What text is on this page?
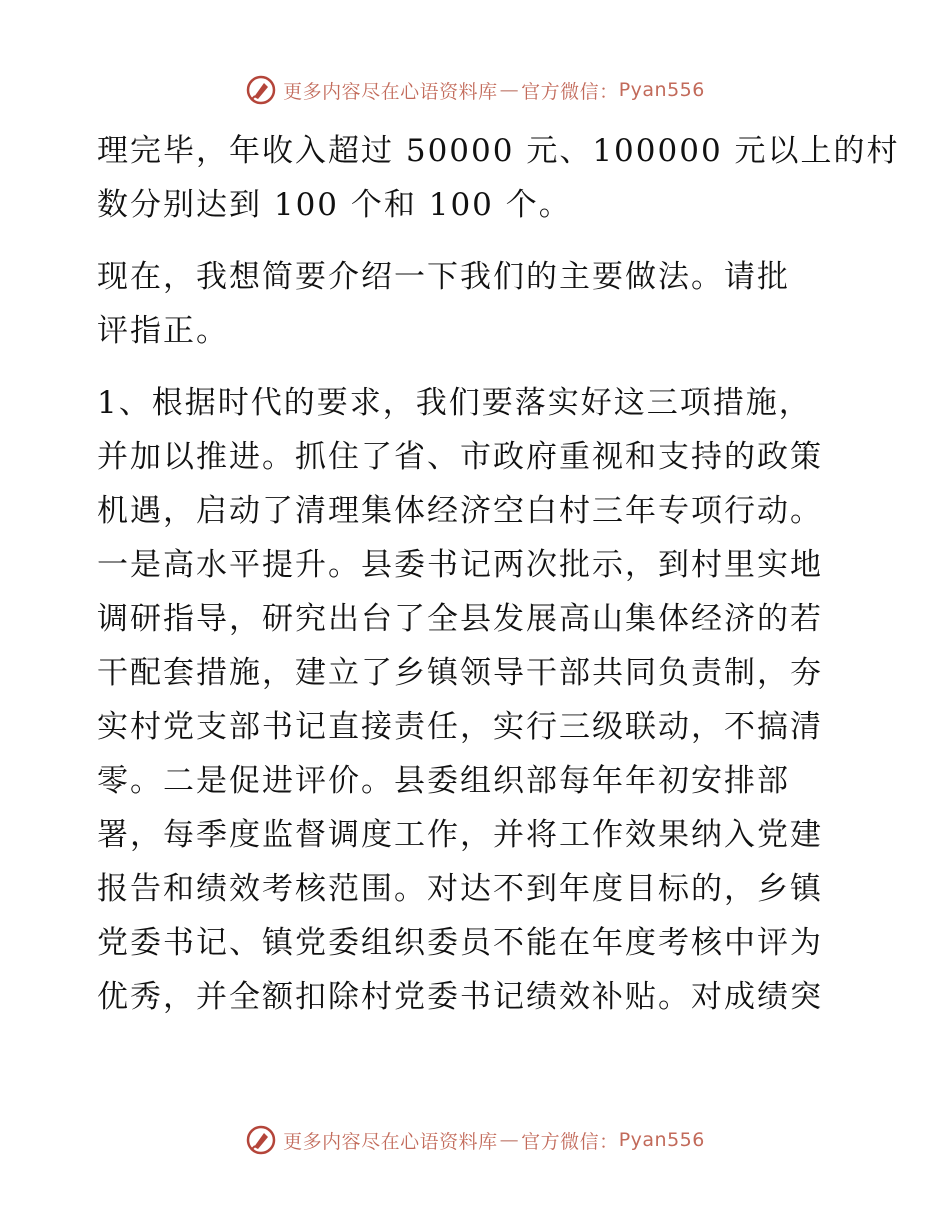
更多内容尽在心语资料库 — 官方微信： Pyan556
理完毕，年收入超过 50000 元、100000 元以上的村
数分别达到 100 个和 100 个。
现在，我想简要介绍一下我们的主要做法。请批
评指正。
1、根据时代的要求，我们要落实好这三项措施，
并加以推进。抓住了省、市政府重视和支持的政策
机遇，启动了清理集体经济空白村三年专项行动。
一是高水平提升。县委书记两次批示，到村里实地
调研指导，研究出台了全县发展高山集体经济的若
干配套措施，建立了乡镇领导干部共同负责制，夯
实村党支部书记直接责任，实行三级联动，不搞清
零。二是促进评价。县委组织部每年年初安排部
署，每季度监督调度工作，并将工作效果纳入党建
报告和绩效考核范围。对达不到年度目标的，乡镇
党委书记、镇党委组织委员不能在年度考核中评为
优秀，并全额扣除村党委书记绩效补贴。对成绩突
更多内容尽在心语资料库 — 官方微信： Pyan556
